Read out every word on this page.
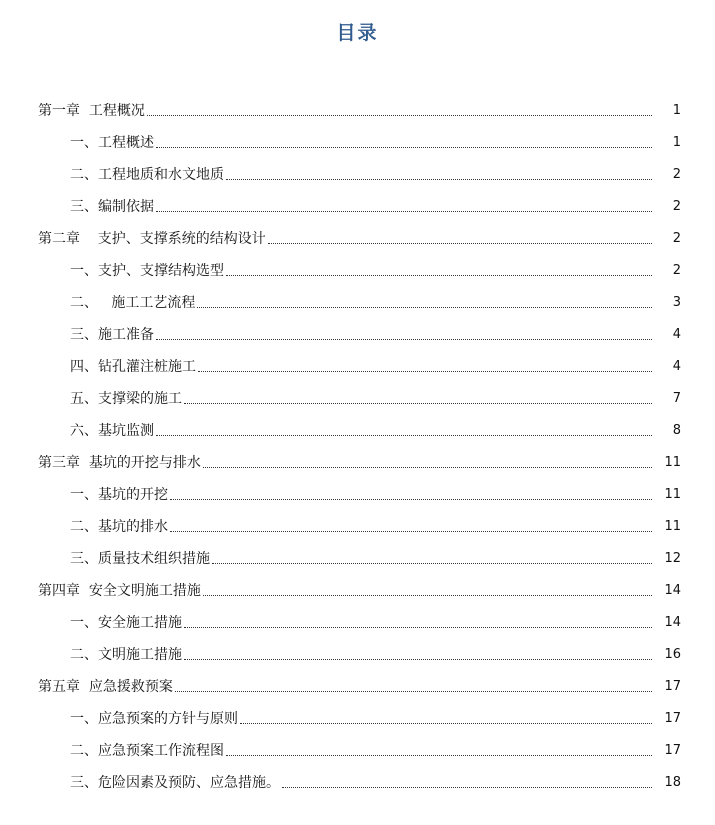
目录
第一章  工程概况	1
一、工程概述	1
二、工程地质和水文地质	2
三、编制依据	2
第二章    支护、支撑系统的结构设计	2
一、支护、支撑结构选型	2
二、   施工工艺流程	3
三、施工准备	4
四、钻孔灌注桩施工	4
五、支撑梁的施工	7
六、基坑监测	8
第三章  基坑的开挖与排水	11
一、基坑的开挖	11
二、基坑的排水	11
三、质量技术组织措施	12
第四章  安全文明施工措施	14
一、安全施工措施	14
二、文明施工措施	16
第五章  应急援救预案	17
一、应急预案的方针与原则	17
二、应急预案工作流程图	17
三、危险因素及预防、应急措施。	18
